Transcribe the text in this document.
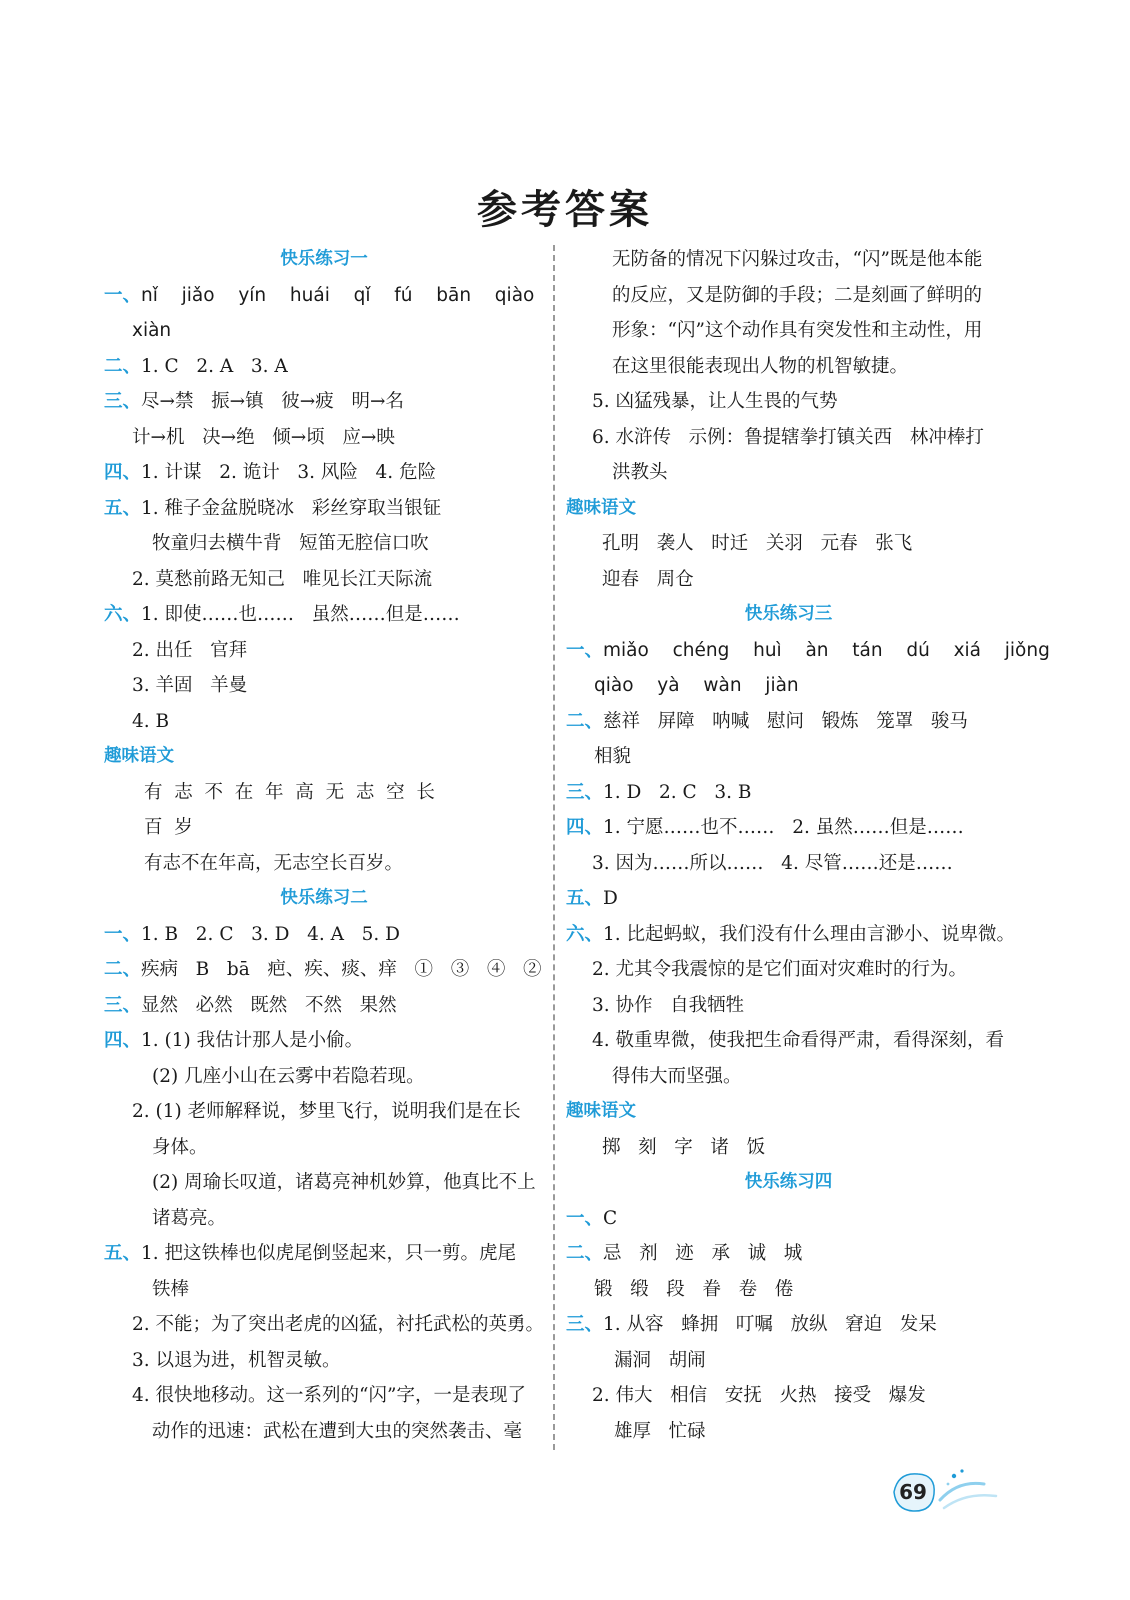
参考答案
快乐练习一
一、nǐ  jiǎo  yín  huái  qǐ  fú  bān  qiào
xiàn
二、1. C   2. A   3. A
三、尽→禁   振→镇   彼→疲   明→名
计→机   决→绝   倾→顷   应→映
四、1. 计谋   2. 诡计   3. 风险   4. 危险
五、1. 稚子金盆脱晓冰   彩丝穿取当银钲
牧童归去横牛背   短笛无腔信口吹
2. 莫愁前路无知己   唯见长江天际流
六、1. 即使……也……   虽然……但是……
2. 出任   官拜
3. 羊固   羊曼
4. B
趣味语文
有  志  不  在  年  高  无  志  空  长
百  岁
有志不在年高，无志空长百岁。
快乐练习二
一、1. B   2. C   3. D   4. A   5. D
二、疾病   B   bā   疤、疾、痰、痒   ①   ③   ④   ②
三、显然   必然   既然   不然   果然
四、1. (1) 我估计那人是小偷。
(2) 几座小山在云雾中若隐若现。
2. (1) 老师解释说，梦里飞行，说明我们是在长
身体。
(2) 周瑜长叹道，诸葛亮神机妙算，他真比不上
诸葛亮。
五、1. 把这铁棒也似虎尾倒竖起来，只一剪。虎尾
铁棒
2. 不能；为了突出老虎的凶猛，衬托武松的英勇。
3. 以退为进，机智灵敏。
4. 很快地移动。这一系列的“闪”字，一是表现了
动作的迅速：武松在遭到大虫的突然袭击、毫
无防备的情况下闪躲过攻击，“闪”既是他本能
的反应，又是防御的手段；二是刻画了鲜明的
形象：“闪”这个动作具有突发性和主动性，用
在这里很能表现出人物的机智敏捷。
5. 凶猛残暴，让人生畏的气势
6. 水浒传   示例：鲁提辖拳打镇关西   林冲棒打
洪教头
趣味语文
孔明   袭人   时迁   关羽   元春   张飞
迎春   周仓
快乐练习三
一、miǎo  chéng  huì  àn  tán  dú  xiá  jiǒng
qiào  yà  wàn  jiàn
二、慈祥   屏障   呐喊   慰问   锻炼   笼罩   骏马
相貌
三、1. D   2. C   3. B
四、1. 宁愿……也不……   2. 虽然……但是……
3. 因为……所以……   4. 尽管……还是……
五、D
六、1. 比起蚂蚁，我们没有什么理由言渺小、说卑微。
2. 尤其令我震惊的是它们面对灾难时的行为。
3. 协作   自我牺牲
4. 敬重卑微，使我把生命看得严肃，看得深刻，看
得伟大而坚强。
趣味语文
掷   刻   字   诸   饭
快乐练习四
一、C
二、忌   剂   迹   承   诚   城
锻   缎   段   眷   卷   倦
三、1. 从容   蜂拥   叮嘱   放纵   窘迫   发呆
漏洞   胡闹
2. 伟大   相信   安抚   火热   接受   爆发
雄厚   忙碌
69
